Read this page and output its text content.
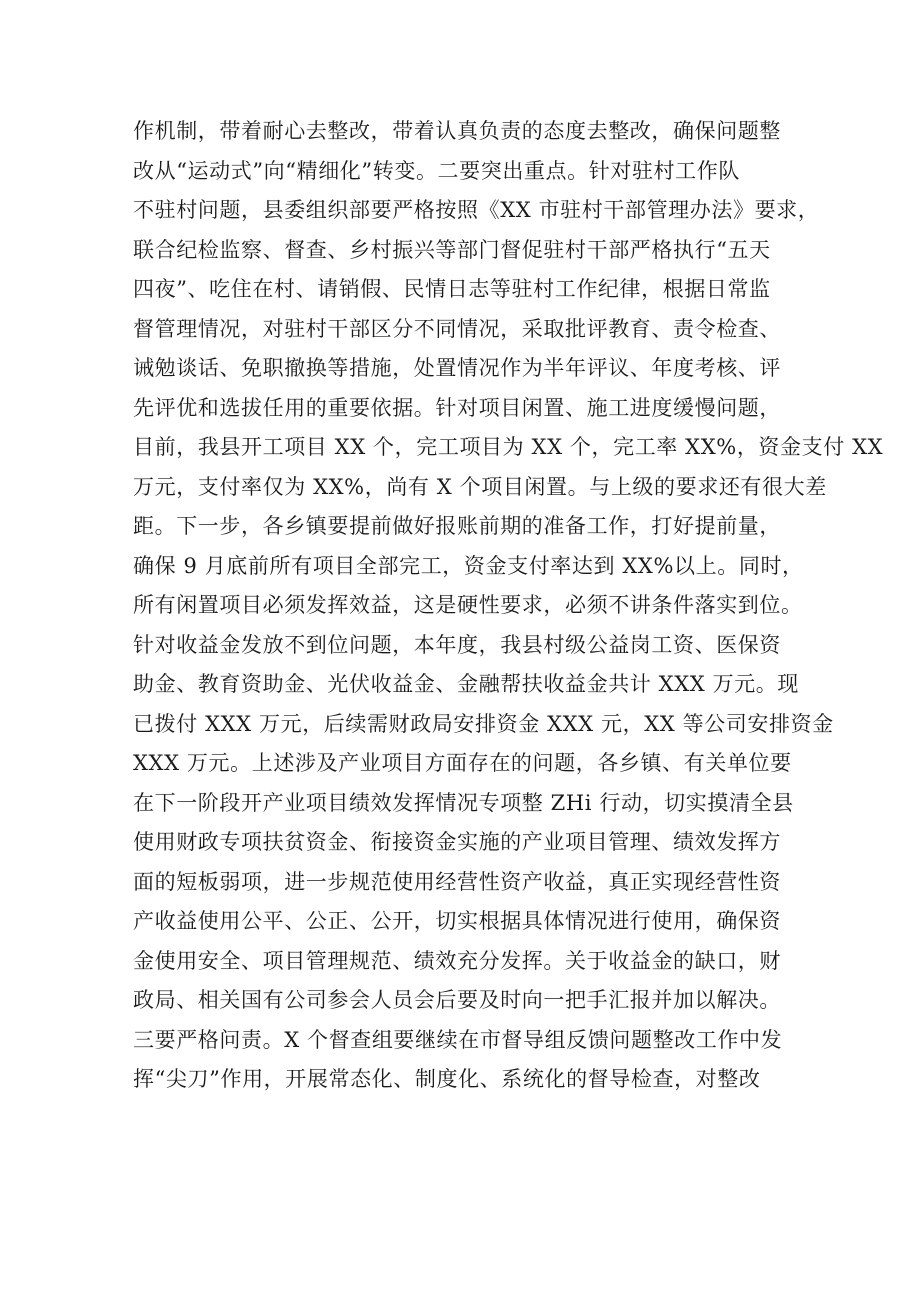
作机制，带着耐心去整改，带着认真负责的态度去整改，确保问题整
改从“运动式”向“精细化”转变。二要突出重点。针对驻村工作队
不驻村问题，县委组织部要严格按照《XX 市驻村干部管理办法》要求，
联合纪检监察、督查、乡村振兴等部门督促驻村干部严格执行“五天
四夜”、吃住在村、请销假、民情日志等驻村工作纪律，根据日常监
督管理情况，对驻村干部区分不同情况，采取批评教育、责令检查、
诫勉谈话、免职撤换等措施，处置情况作为半年评议、年度考核、评
先评优和选拔任用的重要依据。针对项目闲置、施工进度缓慢问题，
目前，我县开工项目 XX 个，完工项目为 XX 个，完工率 XX%，资金支付 XX
万元，支付率仅为 XX%，尚有 X 个项目闲置。与上级的要求还有很大差
距。下一步，各乡镇要提前做好报账前期的准备工作，打好提前量，
确保 9 月底前所有项目全部完工，资金支付率达到 XX%以上。同时，
所有闲置项目必须发挥效益，这是硬性要求，必须不讲条件落实到位。
针对收益金发放不到位问题，本年度，我县村级公益岗工资、医保资
助金、教育资助金、光伏收益金、金融帮扶收益金共计 XXX 万元。现
已拨付 XXX 万元，后续需财政局安排资金 XXX 元，XX 等公司安排资金
XXX 万元。上述涉及产业项目方面存在的问题，各乡镇、有关单位要
在下一阶段开产业项目绩效发挥情况专项整 ZHi 行动，切实摸清全县
使用财政专项扶贫资金、衔接资金实施的产业项目管理、绩效发挥方
面的短板弱项，进一步规范使用经营性资产收益，真正实现经营性资
产收益使用公平、公正、公开，切实根据具体情况进行使用，确保资
金使用安全、项目管理规范、绩效充分发挥。关于收益金的缺口，财
政局、相关国有公司参会人员会后要及时向一把手汇报并加以解决。
三要严格问责。X 个督查组要继续在市督导组反馈问题整改工作中发
挥“尖刀”作用，开展常态化、制度化、系统化的督导检查，对整改
